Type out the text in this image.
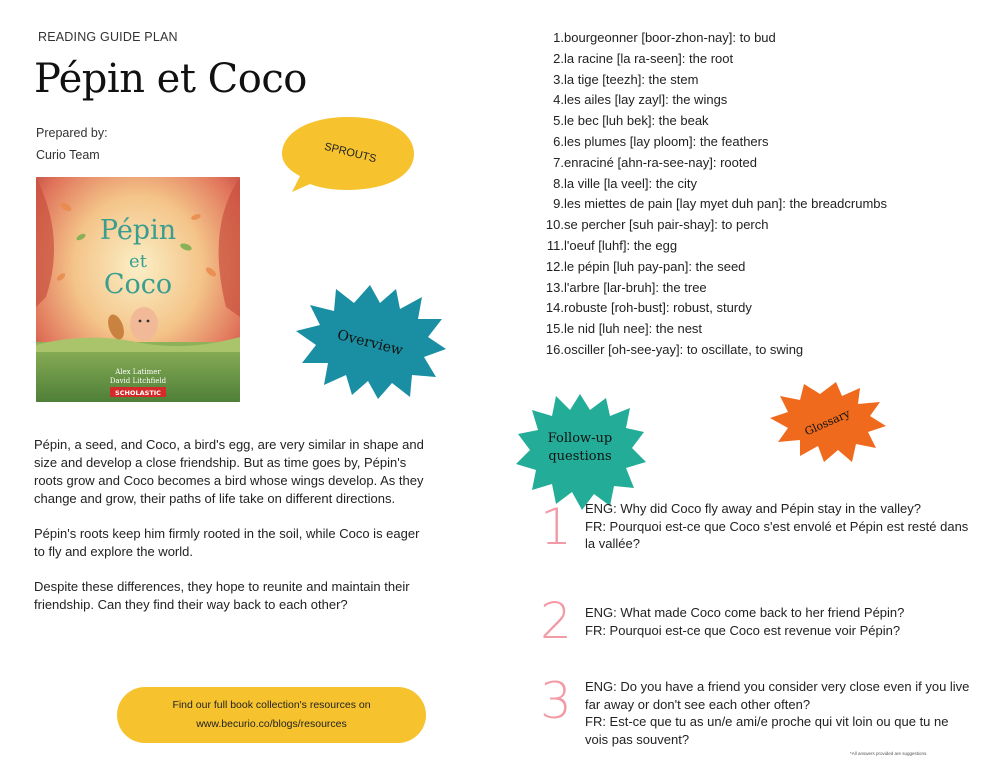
READING GUIDE PLAN
Pépin et Coco
Prepared by:
Curio Team
Pépin
et
Coco
Alex Latimer
David Litchfield
SCHOLASTIC
SPROUTS
Overview

Pépin, a seed, and Coco, a bird's egg, are very similar in shape and size and develop a close friendship. But as time goes by, Pépin's roots grow and Coco becomes a bird whose wings develop. As they change and grow, their paths of life take on different directions.

Pépin's roots keep him firmly rooted in the soil, while Coco is eager to fly and explore the world.

Despite these differences, they hope to reunite and maintain their friendship. Can they find their way back to each other?

Find our full book collection's resources on
www.becurio.co/blogs/resources
1. bourgeonner [boor-zhon-nay]: to bud
2. la racine [la ra-seen]: the root
3. la tige [teezh]: the stem
4. les ailes [lay zayl]: the wings
5. le bec [luh bek]: the beak
6. les plumes [lay ploom]: the feathers
7. enraciné [ahn-ra-see-nay]: rooted
8. la ville [la veel]: the city
9. les miettes de pain [lay myet duh pan]: the breadcrumbs
10. se percher [suh pair-shay]: to perch
11. l'oeuf [luhf]: the egg
12. le pépin [luh pay-pan]: the seed
13. l'arbre [lar-bruh]: the tree
14. robuste [roh-bust]: robust, sturdy
15. le nid [luh nee]: the nest
16. osciller [oh-see-yay]: to oscillate, to swing
Follow-up
questions
Glossary
1 ENG: Why did Coco fly away and Pépin stay in the valley?
FR: Pourquoi est-ce que Coco s'est envolé et Pépin est resté dans la vallée?
2 ENG: What made Coco come back to her friend Pépin?
FR: Pourquoi est-ce que Coco est revenue voir Pépin?
3 ENG: Do you have a friend you consider very close even if you live far away or don't see each other often?
FR: Est-ce que tu as un/e ami/e proche qui vit loin ou que tu ne vois pas souvent?
*All answers provided are suggestions.
